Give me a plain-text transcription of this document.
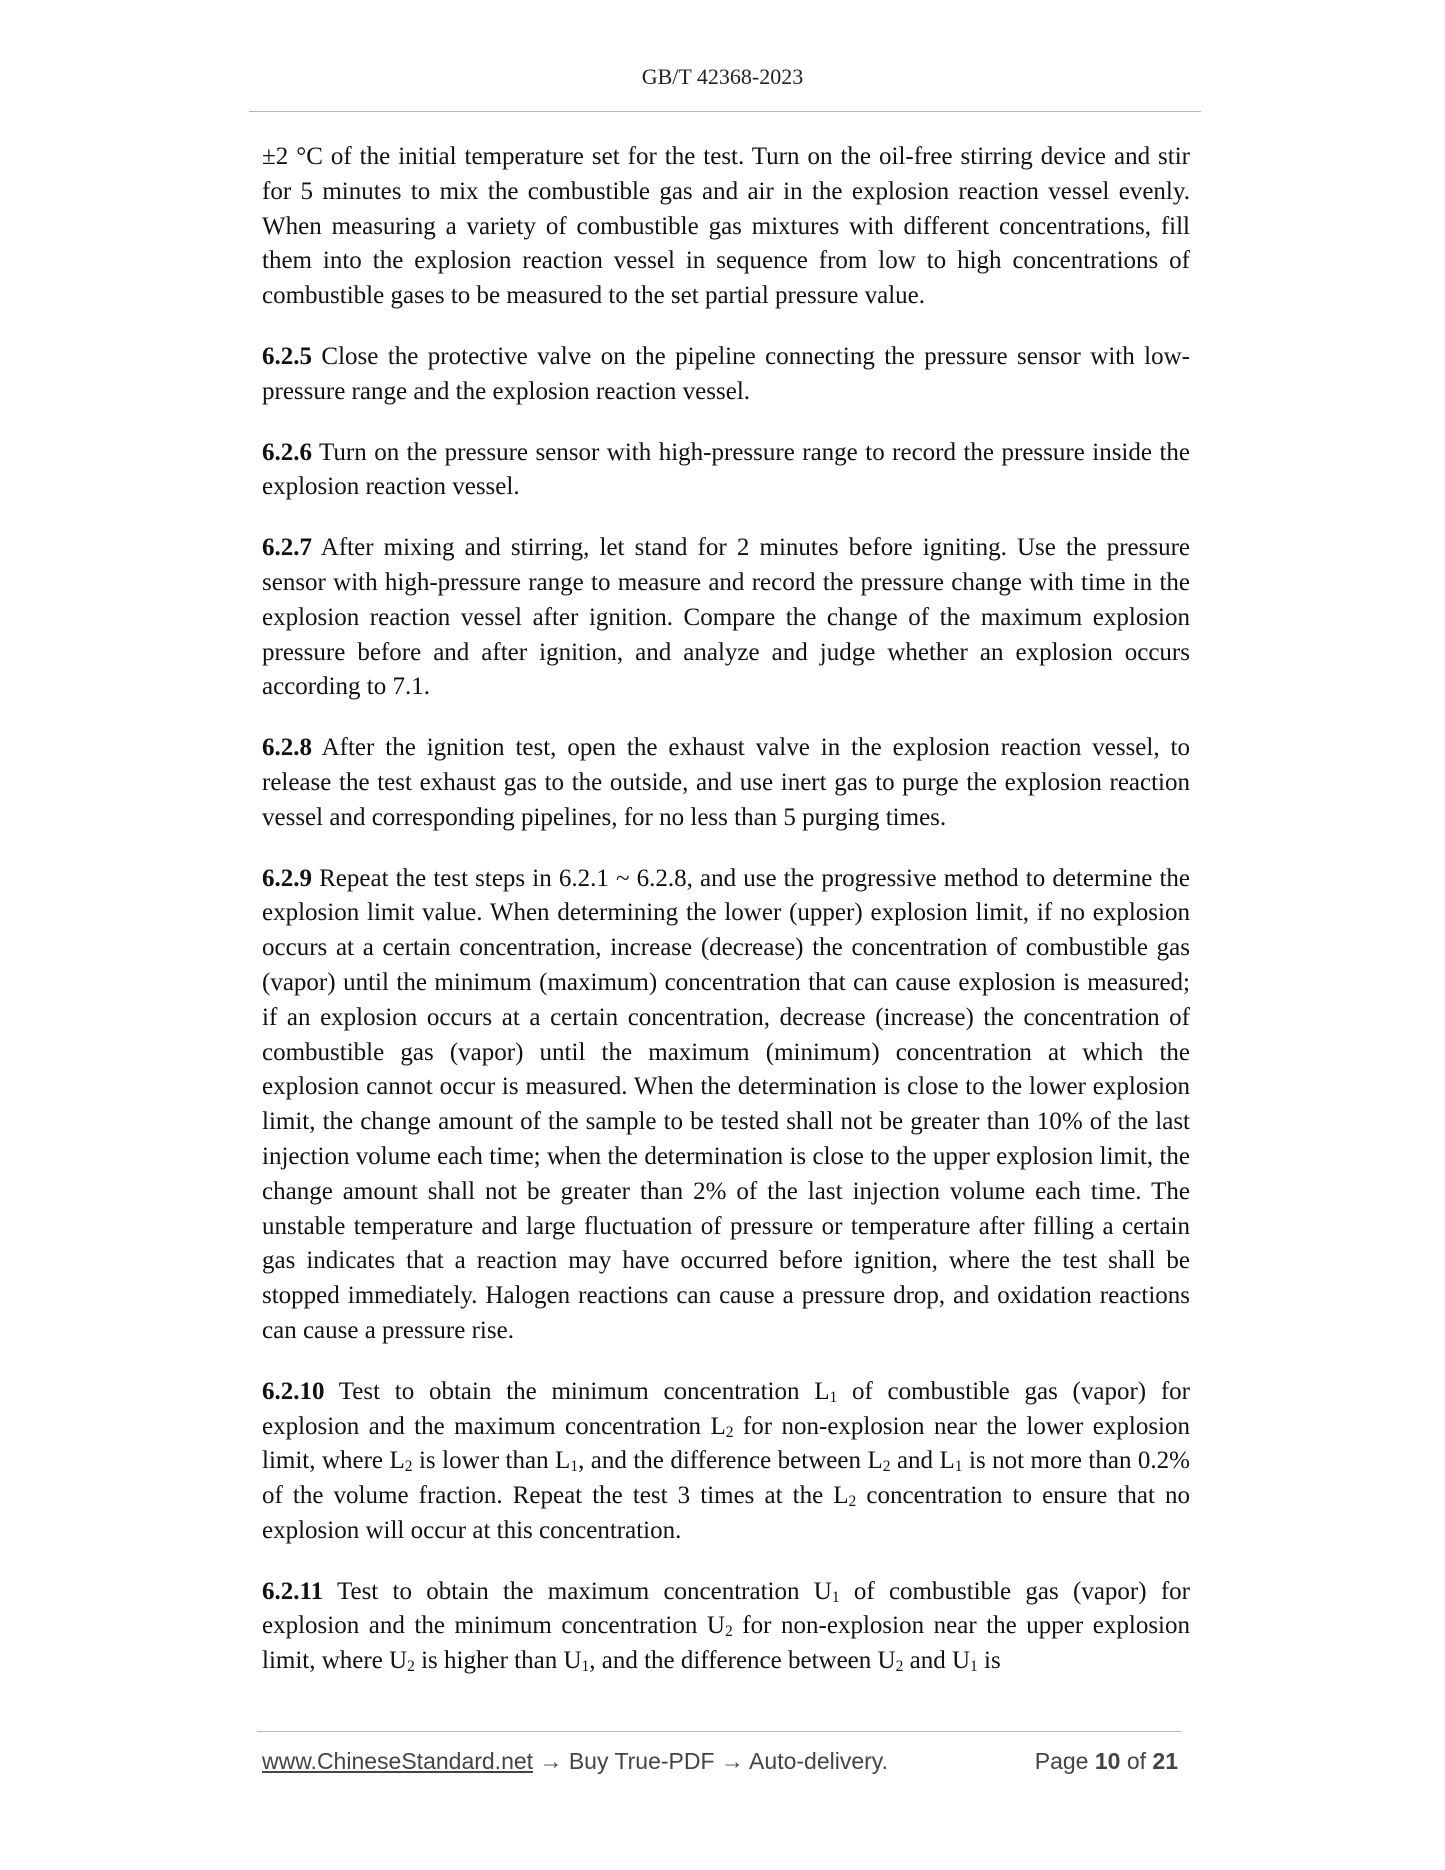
GB/T 42368-2023

±2 °C of the initial temperature set for the test. Turn on the oil-free stirring device and stir for 5 minutes to mix the combustible gas and air in the explosion reaction vessel evenly. When measuring a variety of combustible gas mixtures with different concentrations, fill them into the explosion reaction vessel in sequence from low to high concentrations of combustible gases to be measured to the set partial pressure value.

6.2.5 Close the protective valve on the pipeline connecting the pressure sensor with low-pressure range and the explosion reaction vessel.

6.2.6 Turn on the pressure sensor with high-pressure range to record the pressure inside the explosion reaction vessel.

6.2.7 After mixing and stirring, let stand for 2 minutes before igniting. Use the pressure sensor with high-pressure range to measure and record the pressure change with time in the explosion reaction vessel after ignition. Compare the change of the maximum explosion pressure before and after ignition, and analyze and judge whether an explosion occurs according to 7.1.

6.2.8 After the ignition test, open the exhaust valve in the explosion reaction vessel, to release the test exhaust gas to the outside, and use inert gas to purge the explosion reaction vessel and corresponding pipelines, for no less than 5 purging times.

6.2.9 Repeat the test steps in 6.2.1 ~ 6.2.8, and use the progressive method to determine the explosion limit value. When determining the lower (upper) explosion limit, if no explosion occurs at a certain concentration, increase (decrease) the concentration of combustible gas (vapor) until the minimum (maximum) concentration that can cause explosion is measured; if an explosion occurs at a certain concentration, decrease (increase) the concentration of combustible gas (vapor) until the maximum (minimum) concentration at which the explosion cannot occur is measured. When the determination is close to the lower explosion limit, the change amount of the sample to be tested shall not be greater than 10% of the last injection volume each time; when the determination is close to the upper explosion limit, the change amount shall not be greater than 2% of the last injection volume each time. The unstable temperature and large fluctuation of pressure or temperature after filling a certain gas indicates that a reaction may have occurred before ignition, where the test shall be stopped immediately. Halogen reactions can cause a pressure drop, and oxidation reactions can cause a pressure rise.

6.2.10 Test to obtain the minimum concentration $L_1$ of combustible gas (vapor) for explosion and the maximum concentration $L_2$ for non-explosion near the lower explosion limit, where $L_2$ is lower than $L_1$, and the difference between $L_2$ and $L_1$ is not more than 0.2% of the volume fraction. Repeat the test 3 times at the $L_2$ concentration to ensure that no explosion will occur at this concentration.

6.2.11 Test to obtain the maximum concentration $U_1$ of combustible gas (vapor) for explosion and the minimum concentration $U_2$ for non-explosion near the upper explosion limit, where $U_2$ is higher than $U_1$, and the difference between $U_2$ and $U_1$ is

www.ChineseStandard.net → Buy True-PDF → Auto-delivery.	Page 10 of 21
